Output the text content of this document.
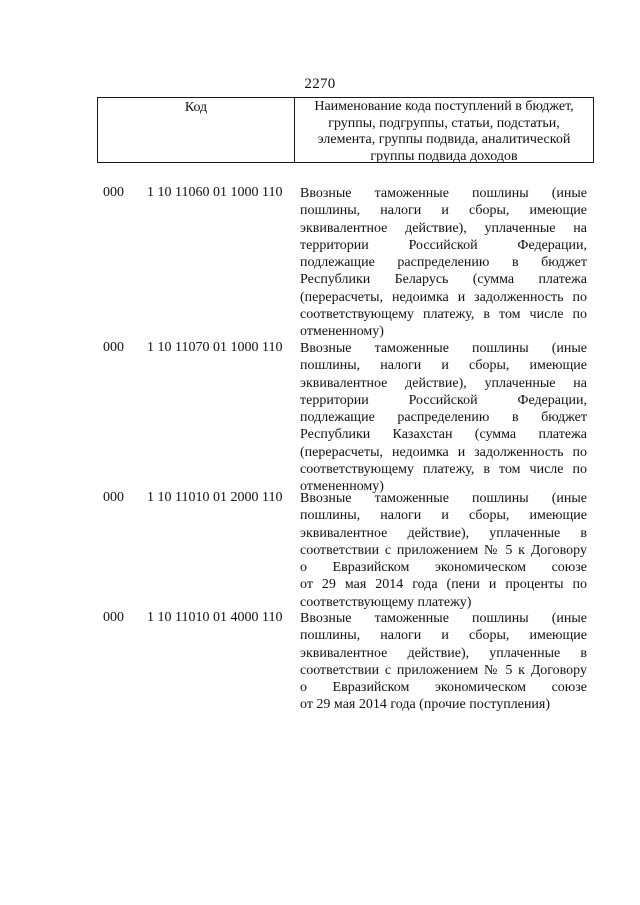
2270
Код	Наименование кода поступлений в бюджет,
группы, подгруппы, статьи, подстатьи,
элемента, группы подвида, аналитической
группы подвида доходов
000 1 10 11060 01 1000 110 Ввозные таможенные пошлины (иные
пошлины, налоги и сборы, имеющие
эквивалентное действие), уплаченные на
территории Российской Федерации,
подлежащие распределению в бюджет
Республики Беларусь (сумма платежа
(перерасчеты, недоимка и задолженность по
соответствующему платежу, в том числе по
отмененному)
000 1 10 11070 01 1000 110 Ввозные таможенные пошлины (иные
пошлины, налоги и сборы, имеющие
эквивалентное действие), уплаченные на
территории Российской Федерации,
подлежащие распределению в бюджет
Республики Казахстан (сумма платежа
(перерасчеты, недоимка и задолженность по
соответствующему платежу, в том числе по
отмененному)
000 1 10 11010 01 2000 110 Ввозные таможенные пошлины (иные
пошлины, налоги и сборы, имеющие
эквивалентное действие), уплаченные в
соответствии с приложением № 5 к Договору
о Евразийском экономическом союзе
от 29 мая 2014 года (пени и проценты по
соответствующему платежу)
000 1 10 11010 01 4000 110 Ввозные таможенные пошлины (иные
пошлины, налоги и сборы, имеющие
эквивалентное действие), уплаченные в
соответствии с приложением № 5 к Договору
о Евразийском экономическом союзе
от 29 мая 2014 года (прочие поступления)
